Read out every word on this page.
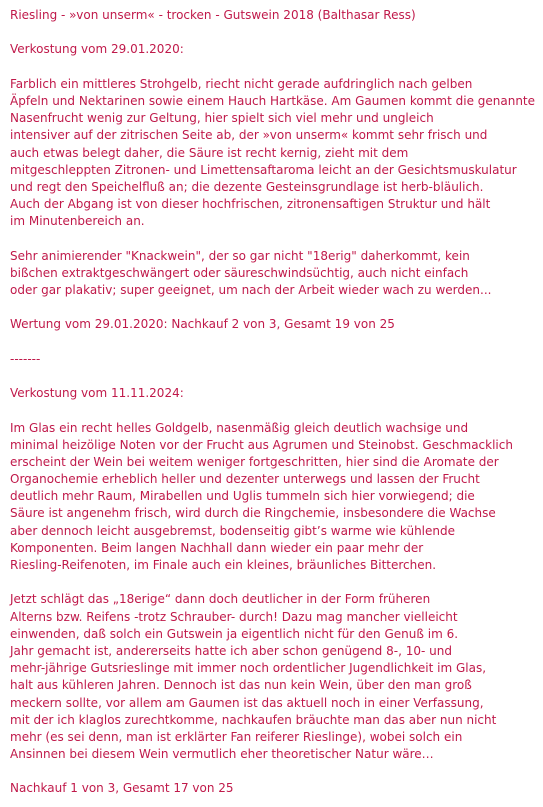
Riesling - »von unserm« - trocken - Gutswein 2018 (Balthasar Ress)
Verkostung vom 29.01.2020:
Farblich ein mittleres Strohgelb, riecht nicht gerade aufdringlich nach gelben
Äpfeln und Nektarinen sowie einem Hauch Hartkäse. Am Gaumen kommt die genannte
Nasenfrucht wenig zur Geltung, hier spielt sich viel mehr und ungleich
intensiver auf der zitrischen Seite ab, der »von unserm« kommt sehr frisch und
auch etwas belegt daher, die Säure ist recht kernig, zieht mit dem
mitgeschleppten Zitronen- und Limettensaftaroma leicht an der Gesichtsmuskulatur
und regt den Speichelfluß an; die dezente Gesteinsgrundlage ist herb-bläulich.
Auch der Abgang ist von dieser hochfrischen, zitronensaftigen Struktur und hält
im Minutenbereich an.
Sehr animierender "Knackwein", der so gar nicht "18erig" daherkommt, kein
bißchen extraktgeschwängert oder säureschwindsüchtig, auch nicht einfach
oder gar plakativ; super geeignet, um nach der Arbeit wieder wach zu werden...
Wertung vom 29.01.2020: Nachkauf 2 von 3, Gesamt 19 von 25
-------
Verkostung vom 11.11.2024:
Im Glas ein recht helles Goldgelb, nasenmäßig gleich deutlich wachsige und
minimal heizölige Noten vor der Frucht aus Agrumen und Steinobst. Geschmacklich
erscheint der Wein bei weitem weniger fortgeschritten, hier sind die Aromate der
Organochemie erheblich heller und dezenter unterwegs und lassen der Frucht
deutlich mehr Raum, Mirabellen und Uglis tummeln sich hier vorwiegend; die
Säure ist angenehm frisch, wird durch die Ringchemie, insbesondere die Wachse
aber dennoch leicht ausgebremst, bodenseitig gibt’s warme wie kühlende
Komponenten. Beim langen Nachhall dann wieder ein paar mehr der
Riesling-Reifenoten, im Finale auch ein kleines, bräunliches Bitterchen.
Jetzt schlägt das „18erige“ dann doch deutlicher in der Form früheren
Alterns bzw. Reifens -trotz Schrauber- durch! Dazu mag mancher vielleicht
einwenden, daß solch ein Gutswein ja eigentlich nicht für den Genuß im 6.
Jahr gemacht ist, andererseits hatte ich aber schon genügend 8-, 10- und
mehr-jährige Gutsrieslinge mit immer noch ordentlicher Jugendlichkeit im Glas,
halt aus kühleren Jahren. Dennoch ist das nun kein Wein, über den man groß
meckern sollte, vor allem am Gaumen ist das aktuell noch in einer Verfassung,
mit der ich klaglos zurechtkomme, nachkaufen bräuchte man das aber nun nicht
mehr (es sei denn, man ist erklärter Fan reiferer Rieslinge), wobei solch ein
Ansinnen bei diesem Wein vermutlich eher theoretischer Natur wäre…
Nachkauf 1 von 3, Gesamt 17 von 25
